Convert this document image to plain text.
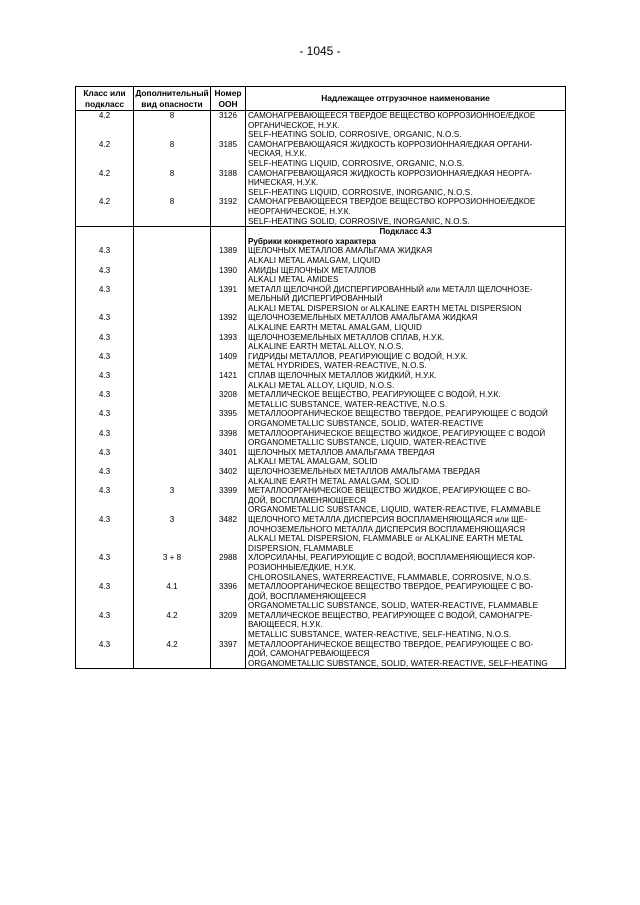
- 1045 -
Класс или подкласс	Дополнительный вид опасности	Номер ООН	Надлежащее отгрузочное наименование
4.2	8	3126	САМОНАГРЕВАЮЩЕЕСЯ ТВЕРДОЕ ВЕЩЕСТВО КОРРОЗИОННОЕ/ЕДКОЕ
ОРГАНИЧЕСКОЕ, Н.У.К.
SELF-HEATING SOLID, CORROSIVE, ORGANIC, N.O.S.

4.2	8	3185	САМОНАГРЕВАЮЩАЯСЯ ЖИДКОСТЬ КОРРОЗИОННАЯ/ЕДКАЯ ОРГАНИ-
ЧЕСКАЯ, Н.У.К.
SELF-HEATING LIQUID, CORROSIVE, ORGANIC, N.O.S.

4.2	8	3188	САМОНАГРЕВАЮЩАЯСЯ ЖИДКОСТЬ КОРРОЗИОННАЯ/ЕДКАЯ НЕОРГА-
НИЧЕСКАЯ, Н.У.К.
SELF-HEATING LIQUID, CORROSIVE, INORGANIC, N.O.S.

4.2	8	3192	САМОНАГРЕВАЮЩЕЕСЯ ТВЕРДОЕ ВЕЩЕСТВО КОРРОЗИОННОЕ/ЕДКОЕ
НЕОРГАНИЧЕСКОЕ, Н.У.К.
SELF-HEATING SOLID, CORROSIVE, INORGANIC, N.O.S.

			Подкласс 4.3
Рубрики конкретного характера

4.3		1389	ЩЕЛОЧНЫХ МЕТАЛЛОВ АМАЛЬГАМА ЖИДКАЯ
ALKALI METAL AMALGAM, LIQUID

4.3		1390	АМИДЫ ЩЕЛОЧНЫХ МЕТАЛЛОВ
ALKALI METAL AMIDES

4.3		1391	МЕТАЛЛ ЩЕЛОЧНОЙ ДИСПЕРГИРОВАННЫЙ или МЕТАЛЛ ЩЕЛОЧНОЗЕ-
МЕЛЬНЫЙ ДИСПЕРГИРОВАННЫЙ
ALKALI METAL DISPERSION or ALKALINE EARTH METAL DISPERSION

4.3		1392	ЩЕЛОЧНОЗЕМЕЛЬНЫХ МЕТАЛЛОВ АМАЛЬГАМА ЖИДКАЯ
ALKALINE EARTH METAL AMALGAM, LIQUID

4.3		1393	ЩЕЛОЧНОЗЕМЕЛЬНЫХ МЕТАЛЛОВ СПЛАВ, Н.У.К.
ALKALINE EARTH METAL ALLOY, N.O.S.

4.3		1409	ГИДРИДЫ МЕТАЛЛОВ, РЕАГИРУЮЩИЕ С ВОДОЙ, Н.У.К.
METAL HYDRIDES, WATER-REACTIVE, N.O.S.

4.3		1421	СПЛАВ ЩЕЛОЧНЫХ МЕТАЛЛОВ ЖИДКИЙ, Н.У.К.
ALKALI METAL ALLOY, LIQUID, N.O.S.

4.3		3208	МЕТАЛЛИЧЕСКОЕ ВЕЩЕСТВО, РЕАГИРУЮЩЕЕ С ВОДОЙ, Н.У.К.
METALLIC SUBSTANCE, WATER-REACTIVE, N.O.S.

4.3		3395	МЕТАЛЛООРГАНИЧЕСКОЕ ВЕЩЕСТВО ТВЕРДОЕ, РЕАГИРУЮЩЕЕ С ВОДОЙ
ORGANOMETALLIC SUBSTANCE, SOLID, WATER-REACTIVE

4.3		3398	МЕТАЛЛООРГАНИЧЕСКОЕ ВЕЩЕСТВО ЖИДКОЕ, РЕАГИРУЮЩЕЕ С ВОДОЙ
ORGANOMETALLIC SUBSTANCE, LIQUID, WATER-REACTIVE

4.3		3401	ЩЕЛОЧНЫХ МЕТАЛЛОВ АМАЛЬГАМА ТВЕРДАЯ
ALKALI METAL AMALGAM, SOLID

4.3		3402	ЩЕЛОЧНОЗЕМЕЛЬНЫХ МЕТАЛЛОВ АМАЛЬГАМА ТВЕРДАЯ
ALKALINE EARTH METAL AMALGAM, SOLID

4.3	3	3399	МЕТАЛЛООРГАНИЧЕСКОЕ ВЕЩЕСТВО ЖИДКОЕ, РЕАГИРУЮЩЕЕ С ВО-
ДОЙ, ВОСПЛАМЕНЯЮЩЕЕСЯ
ORGANOMETALLIC SUBSTANCE, LIQUID, WATER-REACTIVE, FLAMMABLE

4.3	3	3482	ЩЕЛОЧНОГО МЕТАЛЛА ДИСПЕРСИЯ ВОСПЛАМЕНЯЮЩАЯСЯ или ЩЕ-
ЛОЧНОЗЕМЕЛЬНОГО МЕТАЛЛА ДИСПЕРСИЯ ВОСПЛАМЕНЯЮЩАЯСЯ
ALKALI METAL DISPERSION, FLAMMABLE or ALKALINE EARTH METAL
DISPERSION, FLAMMABLE

4.3	3 + 8	2988	ХЛОРСИЛАНЫ, РЕАГИРУЮЩИЕ С ВОДОЙ, ВОСПЛАМЕНЯЮЩИЕСЯ КОР-
РОЗИОННЫЕ/ЕДКИЕ, Н.У.К.
CHLOROSILANES, WATERREACTIVE, FLAMMABLE, CORROSIVE, N.O.S.

4.3	4.1	3396	МЕТАЛЛООРГАНИЧЕСКОЕ ВЕЩЕСТВО ТВЕРДОЕ, РЕАГИРУЮЩЕЕ С ВО-
ДОЙ, ВОСПЛАМЕНЯЮЩЕЕСЯ
ORGANOMETALLIC SUBSTANCE, SOLID, WATER-REACTIVE, FLAMMABLE

4.3	4.2	3209	МЕТАЛЛИЧЕСКОЕ ВЕЩЕСТВО, РЕАГИРУЮЩЕЕ С ВОДОЙ, САМОНАГРЕ-
ВАЮЩЕЕСЯ, Н.У.К.
METALLIC SUBSTANCE, WATER-REACTIVE, SELF-HEATING, N.O.S.

4.3	4.2	3397	МЕТАЛЛООРГАНИЧЕСКОЕ ВЕЩЕСТВО ТВЕРДОЕ, РЕАГИРУЮЩЕЕ С ВО-
ДОЙ, САМОНАГРЕВАЮЩЕЕСЯ
ORGANOMETALLIC SUBSTANCE, SOLID, WATER-REACTIVE, SELF-HEATING
